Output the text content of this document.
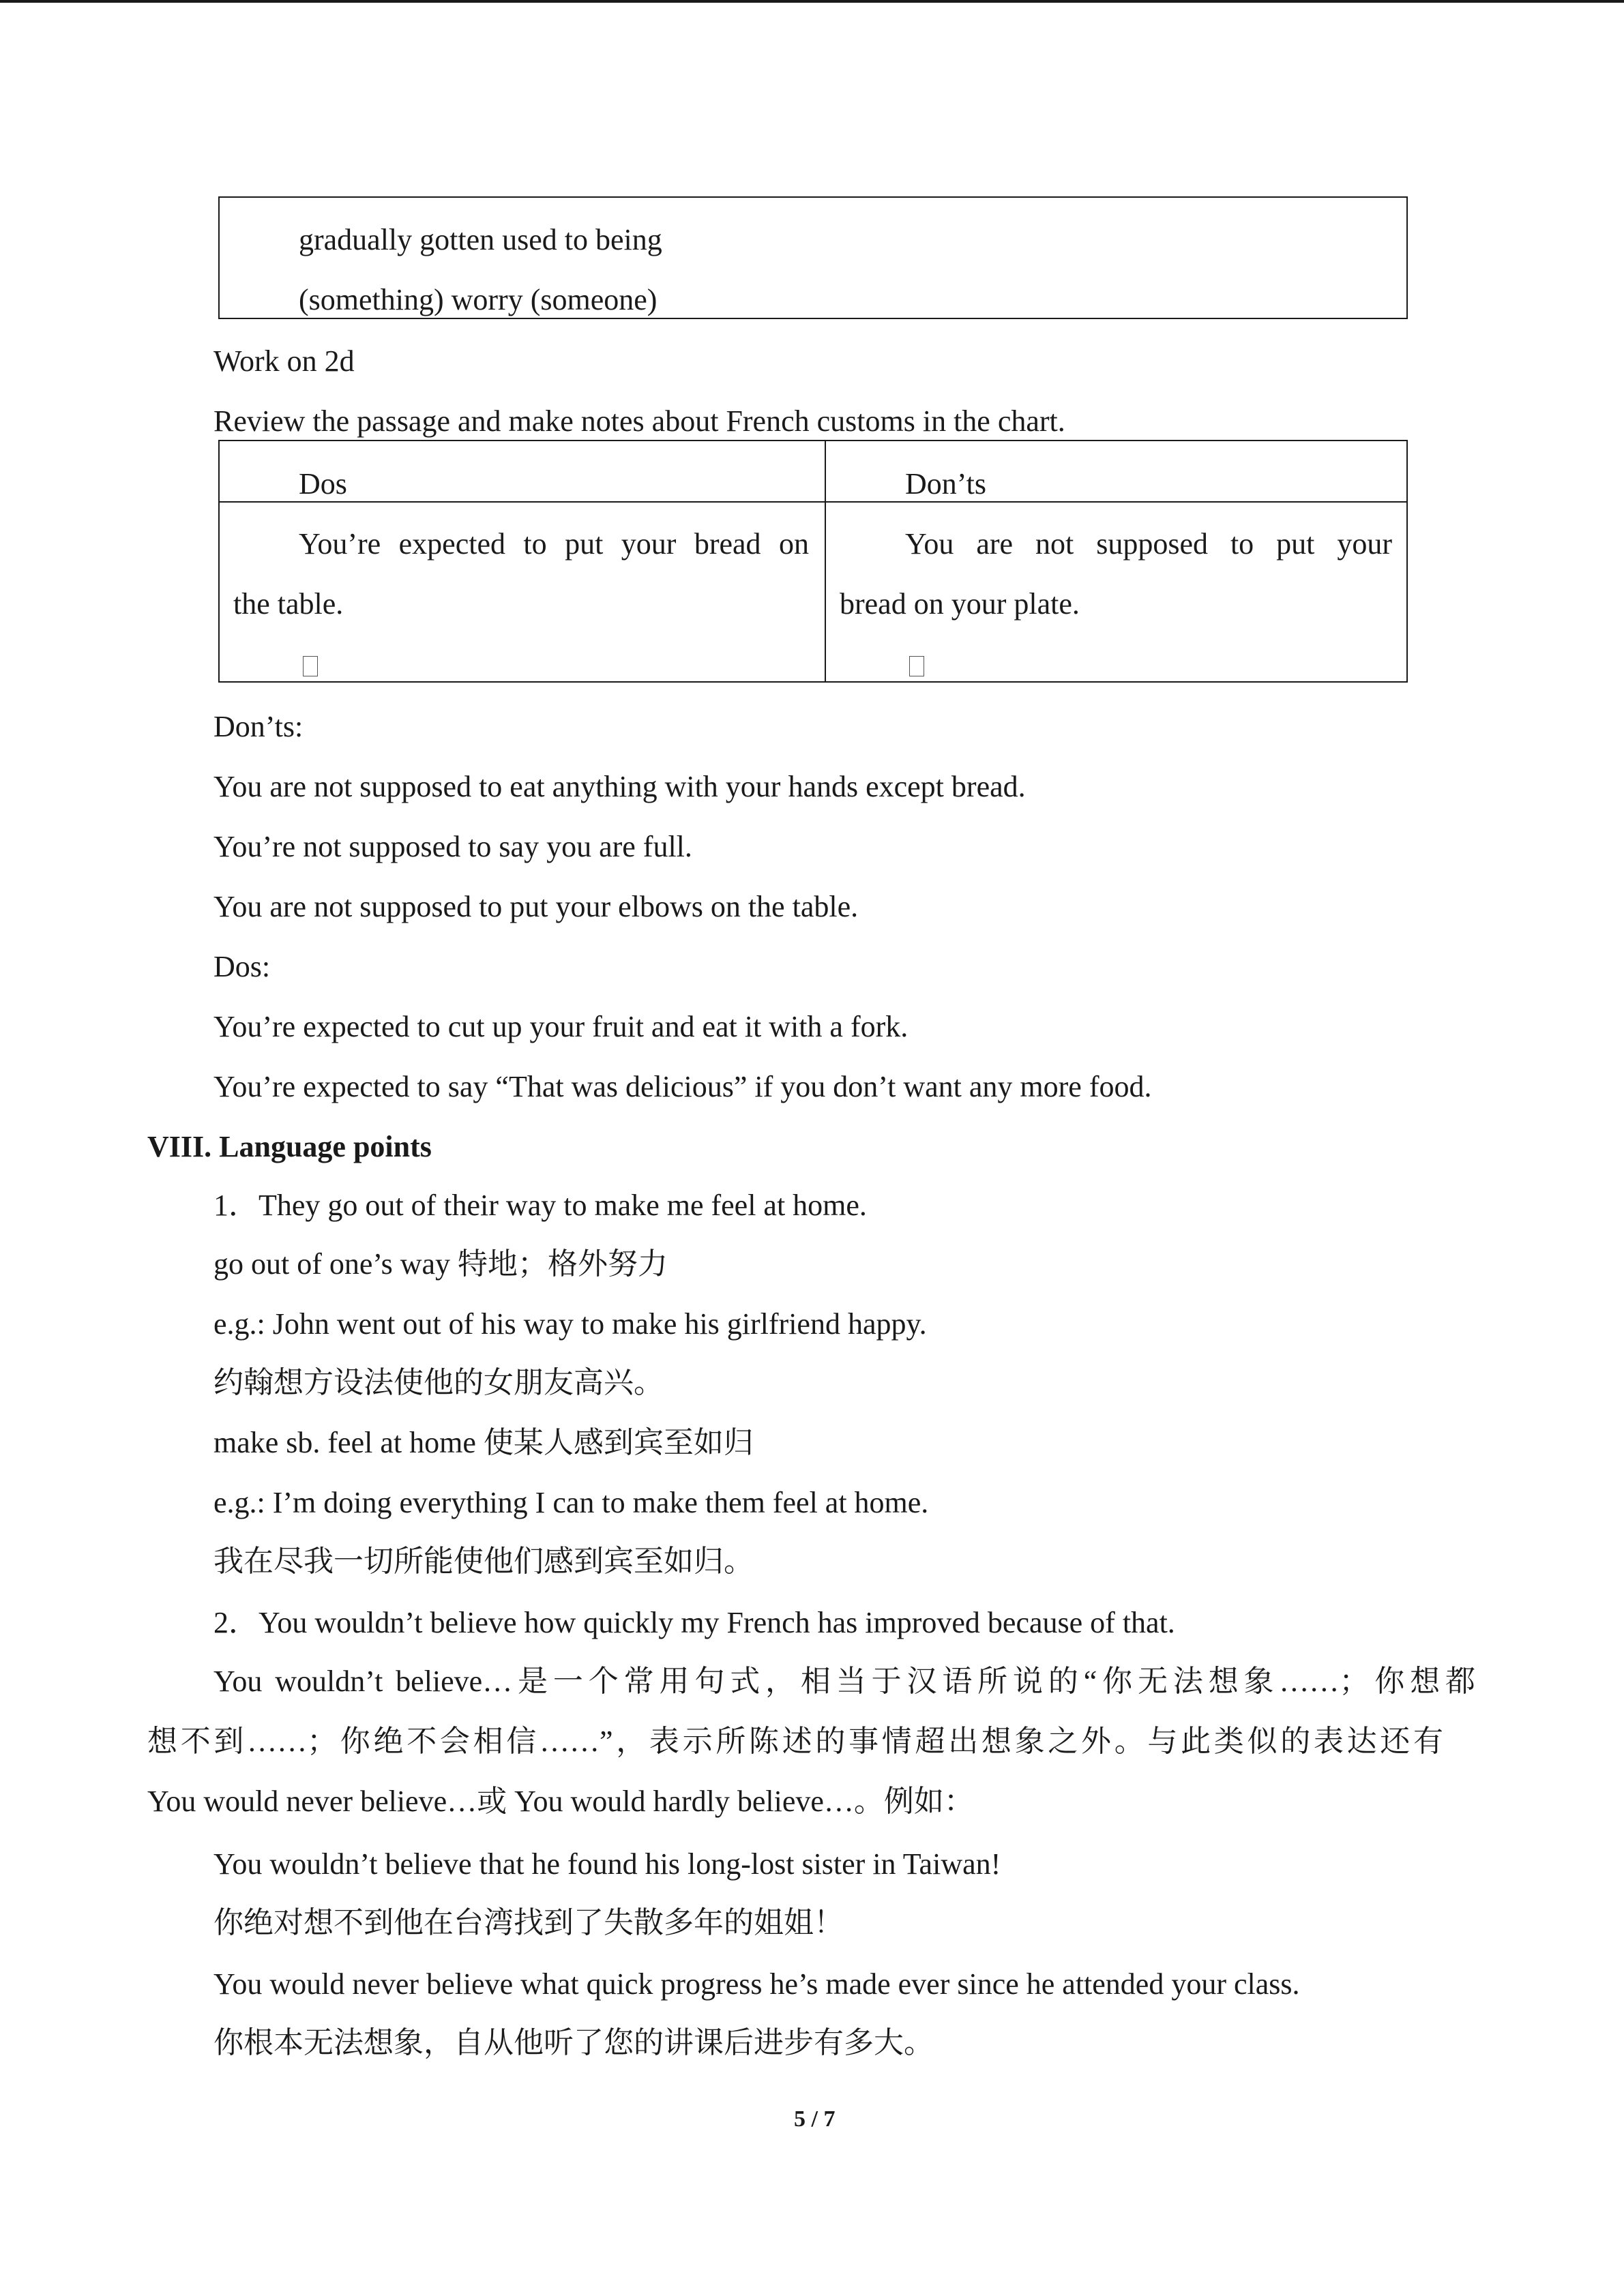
gradually gotten used to being
(something) worry (someone)
Work on 2d
Review the passage and make notes about French customs in the chart.
Dos	Don’ts
You’re expected to put your bread on
the table.
You are not supposed to put your
bread on your plate.
Don’ts:
You are not supposed to eat anything with your hands except bread.
You’re not supposed to say you are full.
You are not supposed to put your elbows on the table.
Dos:
You’re expected to cut up your fruit and eat it with a fork.
You’re expected to say “That was delicious” if you don’t want any more food.
VIII. Language points
1．They go out of their way to make me feel at home.
go out of one’s way 特地；格外努力
e.g.: John went out of his way to make his girlfriend happy.
约翰想方设法使他的女朋友高兴。
make sb. feel at home 使某人感到宾至如归
e.g.: I’m doing everything I can to make them feel at home.
我在尽我一切所能使他们感到宾至如归。
2．You wouldn’t believe how quickly my French has improved because of that.
You wouldn’t believe…是一个常用句式，相当于汉语所说的“你无法想象……；你想都
想不到……；你绝不会相信……”，表示所陈述的事情超出想象之外。与此类似的表达还有
You would never believe…或 You would hardly believe…。例如：
You wouldn’t believe that he found his long-lost sister in Taiwan!
你绝对想不到他在台湾找到了失散多年的姐姐！
You would never believe what quick progress he’s made ever since he attended your class.
你根本无法想象，自从他听了您的讲课后进步有多大。
5 / 7
